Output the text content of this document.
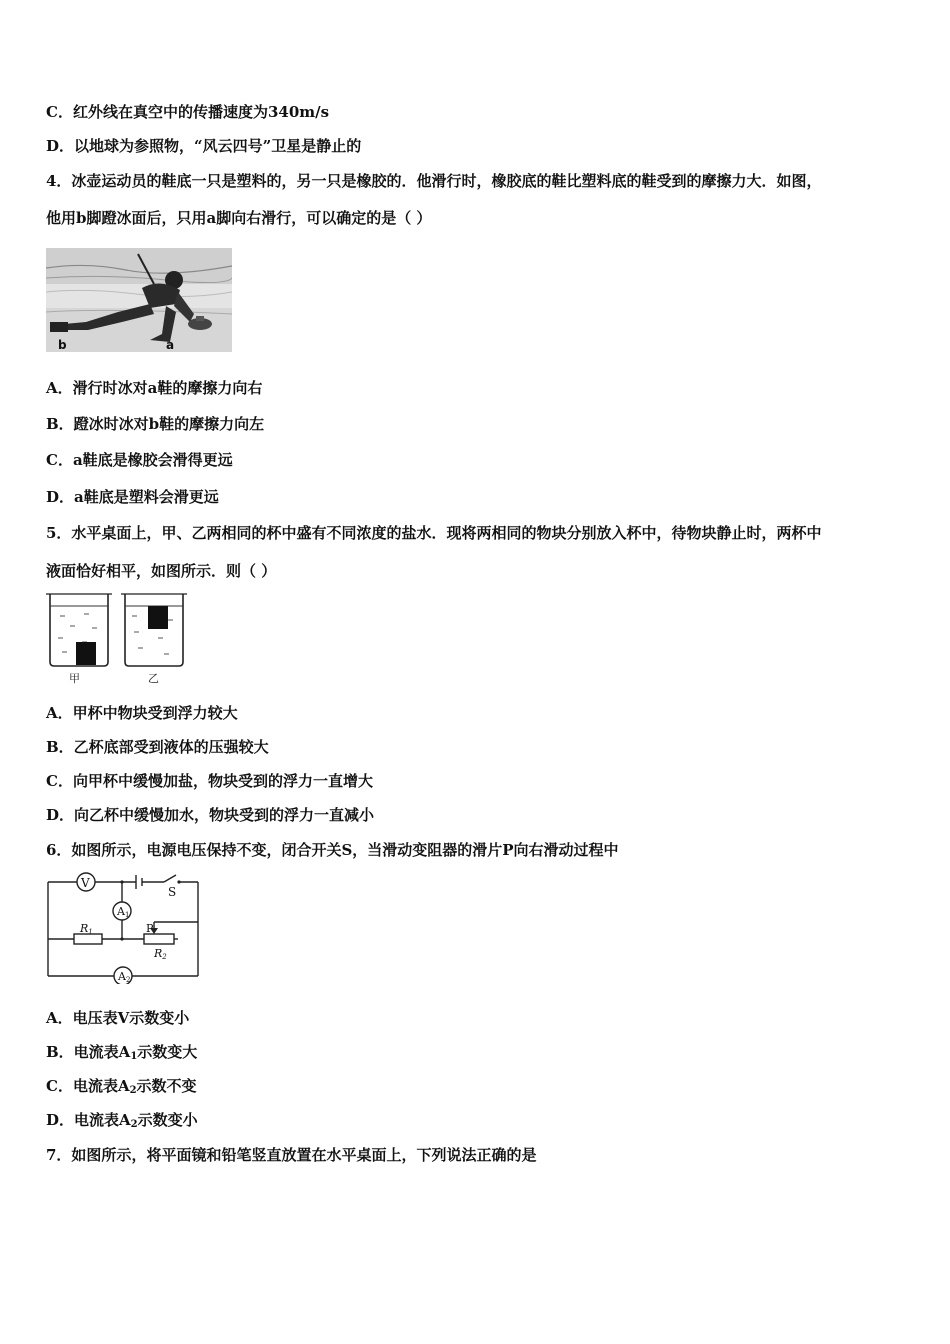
C．红外线在真空中的传播速度为340m/s
D．以地球为参照物，“风云四号”卫星是静止的
4．冰壶运动员的鞋底一只是塑料的，另一只是橡胶的．他滑行时，橡胶底的鞋比塑料底的鞋受到的摩擦力大．如图，
他用b脚蹬冰面后，只用a脚向右滑行，可以确定的是（ ）
b	a
A．滑行时冰对a鞋的摩擦力向右
B．蹬冰时冰对b鞋的摩擦力向左
C．a鞋底是橡胶会滑得更远
D．a鞋底是塑料会滑更远
5．水平桌面上，甲、乙两相同的杯中盛有不同浓度的盐水．现将两相同的物块分别放入杯中，待物块静止时，两杯中
液面恰好相平，如图所示．则（ ）
甲	乙
A．甲杯中物块受到浮力较大
B．乙杯底部受到液体的压强较大
C．向甲杯中缓慢加盐，物块受到的浮力一直增大
D．向乙杯中缓慢加水，物块受到的浮力一直减小
6．如图所示，电源电压保持不变，闭合开关S，当滑动变阻器的滑片P向右滑动过程中
V
A1
A2
S
P
R1
R2
A．电压表V示数变小
B．电流表$A_1$示数变大
C．电流表$A_2$示数不变
D．电流表$A_2$示数变小
7．如图所示，将平面镜和铅笔竖直放置在水平桌面上，下列说法正确的是
